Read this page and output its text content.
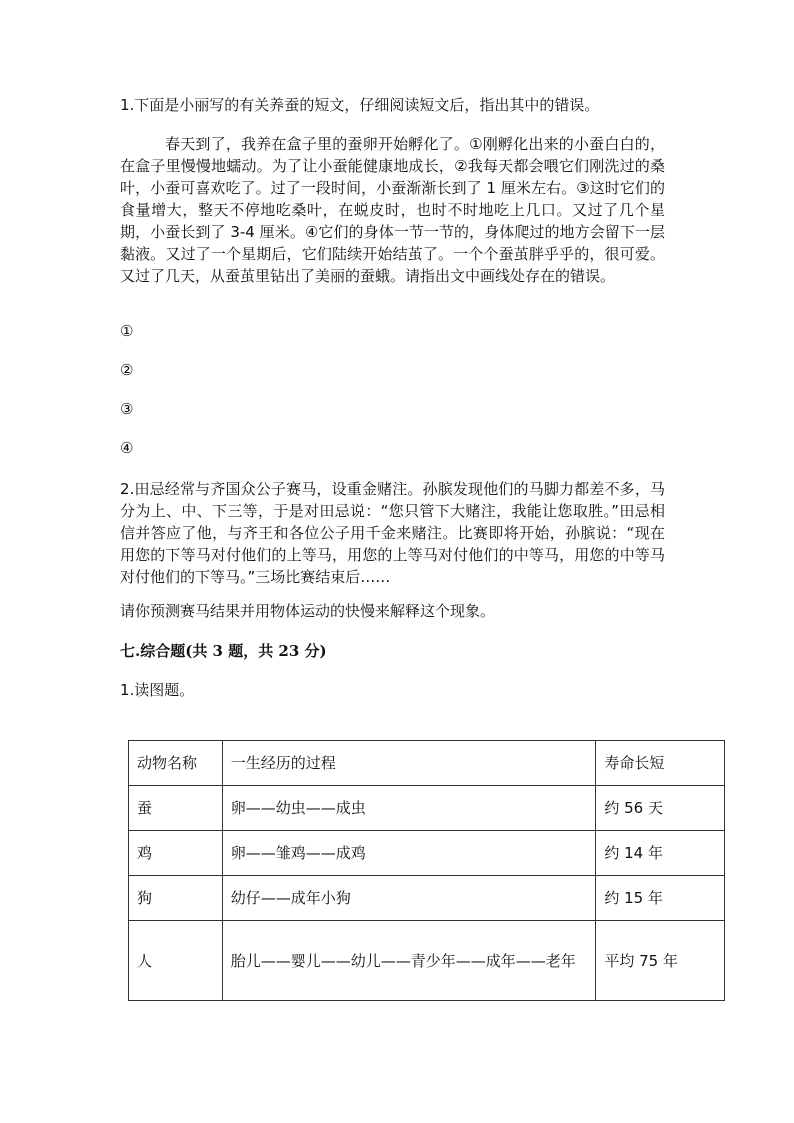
1.下面是小丽写的有关养蚕的短文，仔细阅读短文后，指出其中的错误。
春天到了，我养在盒子里的蚕卵开始孵化了。①刚孵化出来的小蚕白白的，在盒子里慢慢地蠕动。为了让小蚕能健康地成长，②我每天都会喂它们刚洗过的桑叶，小蚕可喜欢吃了。过了一段时间，小蚕渐渐长到了 1 厘米左右。③这时它们的食量增大，整天不停地吃桑叶，在蜕皮时，也时不时地吃上几口。又过了几个星期，小蚕长到了 3-4 厘米。④它们的身体一节一节的，身体爬过的地方会留下一层黏液。又过了一个星期后，它们陆续开始结茧了。一个个蚕茧胖乎乎的，很可爱。又过了几天，从蚕茧里钻出了美丽的蚕蛾。请指出文中画线处存在的错误。
①
②
③
④
2.田忌经常与齐国众公子赛马，设重金赌注。孙膑发现他们的马脚力都差不多，马分为上、中、下三等，于是对田忌说：“您只管下大赌注，我能让您取胜。”田忌相信并答应了他，与齐王和各位公子用千金来赌注。比赛即将开始，孙膑说：“现在用您的下等马对付他们的上等马，用您的上等马对付他们的中等马，用您的中等马对付他们的下等马。”三场比赛结束后……
请你预测赛马结果并用物体运动的快慢来解释这个现象。
七.综合题(共 3 题，共 23 分)
1.读图题。
动物名称	一生经历的过程	寿命长短
蚕	卵——幼虫——成虫	约 56 天
鸡	卵——雏鸡——成鸡	约 14 年
狗	幼仔——成年小狗	约 15 年
人	胎儿——婴儿——幼儿——青少年——成年——老年	平均 75 年
